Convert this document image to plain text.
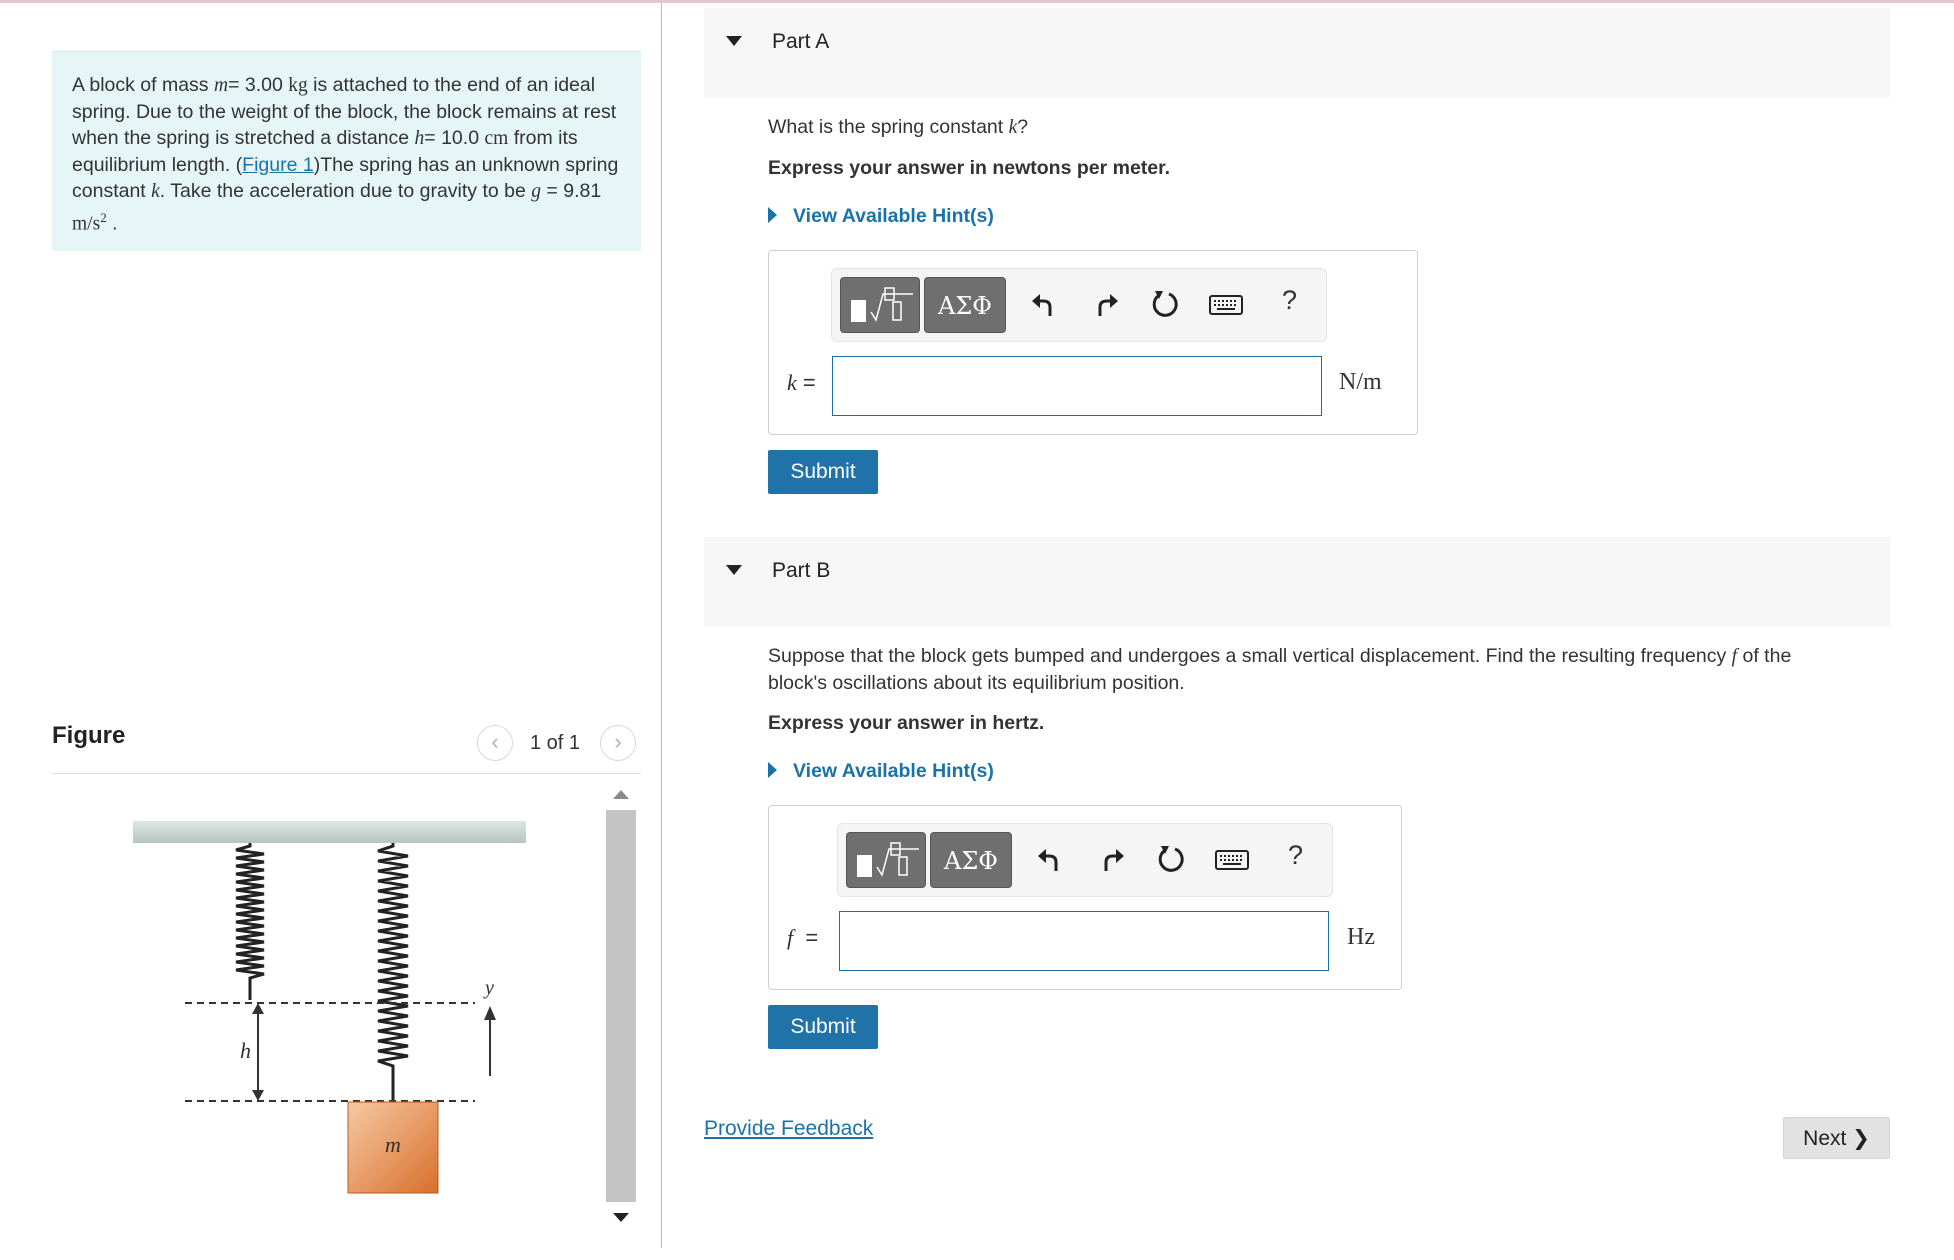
A block of mass m= 3.00 kg is attached to the end of an ideal spring. Due to the weight of the block, the block remains at rest when the spring is stretched a distance h= 10.0 cm from its equilibrium length. (Figure 1)The spring has an unknown spring constant k. Take the acceleration due to gravity to be g = 9.81 $m/s^2$ .
Figure	‹	1 of 1	›
h
y
m
Part A
What is the spring constant k?
Express your answer in newtons per meter.
View Available Hint(s)
ΑΣΦ	?
k =	N/m
Submit
Part B
Suppose that the block gets bumped and undergoes a small vertical displacement. Find the resulting frequency f of the
block's oscillations about its equilibrium position.
Express your answer in hertz.
View Available Hint(s)
ΑΣΦ	?
f =	Hz
Submit
Provide Feedback	Next ❯
